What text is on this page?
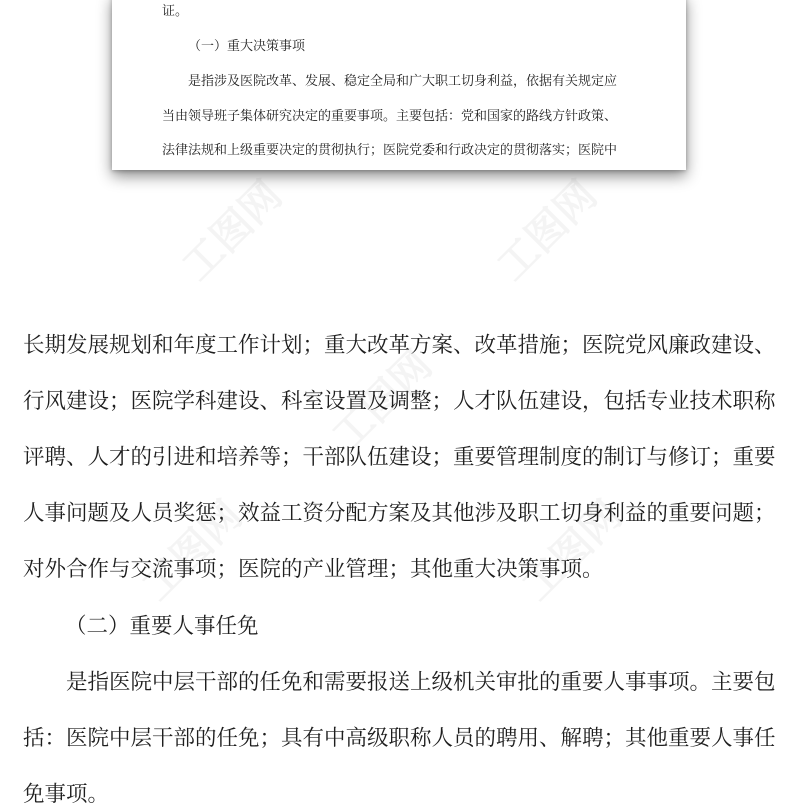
工图网	工图网
工图网
工图网	工图网
证。
（一）重大决策事项
是指涉及医院改革、发展、稳定全局和广大职工切身利益，依据有关规定应
当由领导班子集体研究决定的重要事项。主要包括：党和国家的路线方针政策、
法律法规和上级重要决定的贯彻执行；医院党委和行政决定的贯彻落实；医院中
长期发展规划和年度工作计划；重大改革方案、改革措施；医院党风廉政建设、
行风建设；医院学科建设、科室设置及调整；人才队伍建设，包括专业技术职称
评聘、人才的引进和培养等；干部队伍建设；重要管理制度的制订与修订；重要
人事问题及人员奖惩；效益工资分配方案及其他涉及职工切身利益的重要问题；
对外合作与交流事项；医院的产业管理；其他重大决策事项。
（二）重要人事任免
是指医院中层干部的任免和需要报送上级机关审批的重要人事事项。主要包
括：医院中层干部的任免；具有中高级职称人员的聘用、解聘；其他重要人事任
免事项。
